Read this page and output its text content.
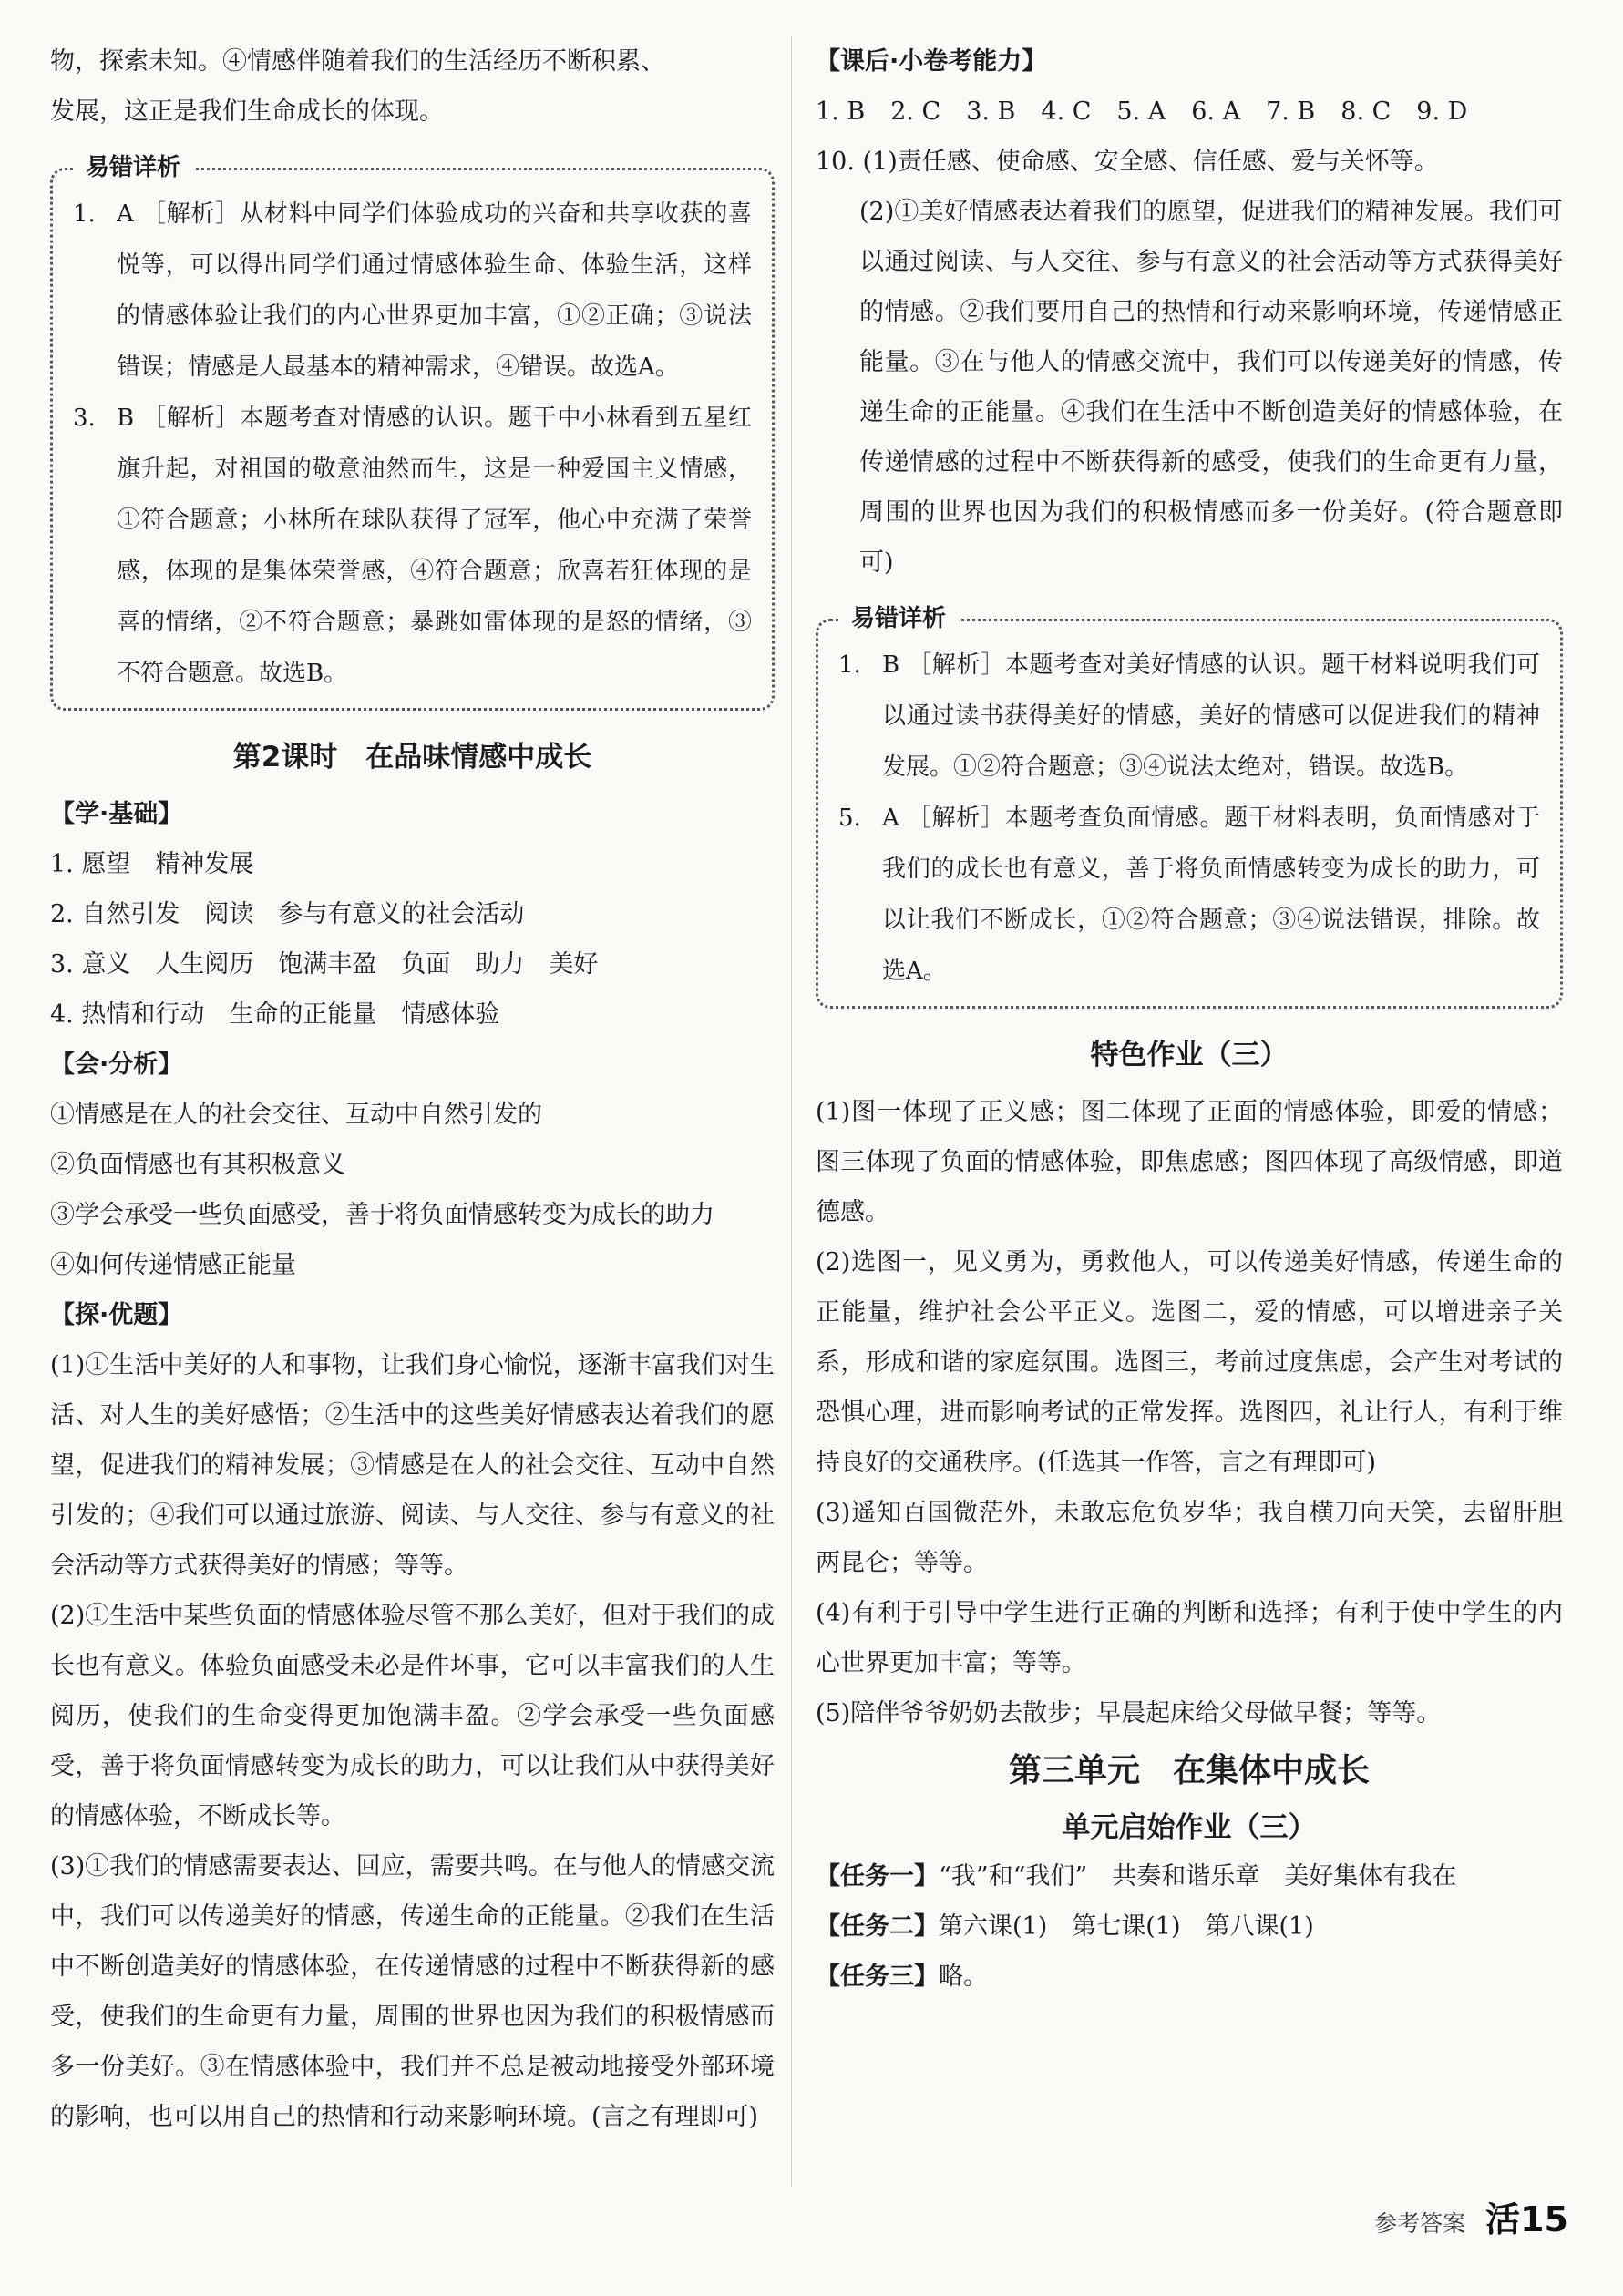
物，探索未知。④情感伴随着我们的生活经历不断积累、

发展，这正是我们生命成长的体现。

易错详析

1. A ［解析］从材料中同学们体验成功的兴奋和共享收获的喜悦等，可以得出同学们通过情感体验生命、体验生活，这样的情感体验让我们的内心世界更加丰富，①②正确；③说法错误；情感是人最基本的精神需求，④错误。故选A。

3. B ［解析］本题考查对情感的认识。题干中小林看到五星红旗升起，对祖国的敬意油然而生，这是一种爱国主义情感，①符合题意；小林所在球队获得了冠军，他心中充满了荣誉感，体现的是集体荣誉感，④符合题意；欣喜若狂体现的是喜的情绪，②不符合题意；暴跳如雷体现的是怒的情绪，③不符合题意。故选B。

第2课时　在品味情感中成长
【学·基础】

1. 愿望　精神发展

2. 自然引发　阅读　参与有意义的社会活动

3. 意义　人生阅历　饱满丰盈　负面　助力　美好

4. 热情和行动　生命的正能量　情感体验

【会·分析】

①情感是在人的社会交往、互动中自然引发的

②负面情感也有其积极意义

③学会承受一些负面感受，善于将负面情感转变为成长的助力

④如何传递情感正能量

【探·优题】

(1)①生活中美好的人和事物，让我们身心愉悦，逐渐丰富我们对生活、对人生的美好感悟；②生活中的这些美好情感表达着我们的愿望，促进我们的精神发展；③情感是在人的社会交往、互动中自然引发的；④我们可以通过旅游、阅读、与人交往、参与有意义的社会活动等方式获得美好的情感；等等。

(2)①生活中某些负面的情感体验尽管不那么美好，但对于我们的成长也有意义。体验负面感受未必是件坏事，它可以丰富我们的人生阅历，使我们的生命变得更加饱满丰盈。②学会承受一些负面感受，善于将负面情感转变为成长的助力，可以让我们从中获得美好的情感体验，不断成长等。

(3)①我们的情感需要表达、回应，需要共鸣。在与他人的情感交流中，我们可以传递美好的情感，传递生命的正能量。②我们在生活中不断创造美好的情感体验，在传递情感的过程中不断获得新的感受，使我们的生命更有力量，周围的世界也因为我们的积极情感而多一份美好。③在情感体验中，我们并不总是被动地接受外部环境的影响，也可以用自己的热情和行动来影响环境。(言之有理即可)

【课后·小卷考能力】
1. B 2. C 3. B 4. C 5. A 6. A 7. B 8. C 9. D

10. (1)责任感、使命感、安全感、信任感、爱与关怀等。

(2)①美好情感表达着我们的愿望，促进我们的精神发展。我们可以通过阅读、与人交往、参与有意义的社会活动等方式获得美好的情感。②我们要用自己的热情和行动来影响环境，传递情感正能量。③在与他人的情感交流中，我们可以传递美好的情感，传递生命的正能量。④我们在生活中不断创造美好的情感体验，在传递情感的过程中不断获得新的感受，使我们的生命更有力量，周围的世界也因为我们的积极情感而多一份美好。(符合题意即可)

易错详析

1. B ［解析］本题考查对美好情感的认识。题干材料说明我们可以通过读书获得美好的情感，美好的情感可以促进我们的精神发展。①②符合题意；③④说法太绝对，错误。故选B。

5. A ［解析］本题考查负面情感。题干材料表明，负面情感对于我们的成长也有意义，善于将负面情感转变为成长的助力，可以让我们不断成长，①②符合题意；③④说法错误，排除。故选A。

特色作业（三）

(1)图一体现了正义感；图二体现了正面的情感体验，即爱的情感；图三体现了负面的情感体验，即焦虑感；图四体现了高级情感，即道德感。

(2)选图一，见义勇为，勇救他人，可以传递美好情感，传递生命的正能量，维护社会公平正义。选图二，爱的情感，可以增进亲子关系，形成和谐的家庭氛围。选图三，考前过度焦虑，会产生对考试的恐惧心理，进而影响考试的正常发挥。选图四，礼让行人，有利于维持良好的交通秩序。(任选其一作答，言之有理即可)

(3)遥知百国微茫外，未敢忘危负岁华；我自横刀向天笑，去留肝胆两昆仑；等等。

(4)有利于引导中学生进行正确的判断和选择；有利于使中学生的内心世界更加丰富；等等。

(5)陪伴爷爷奶奶去散步；早晨起床给父母做早餐；等等。

第三单元　在集体中成长
单元启始作业（三）

【任务一】“我”和“我们”　共奏和谐乐章　美好集体有我在

【任务二】第六课(1)　第七课(1)　第八课(1)

【任务三】略。

参考答案 活15
